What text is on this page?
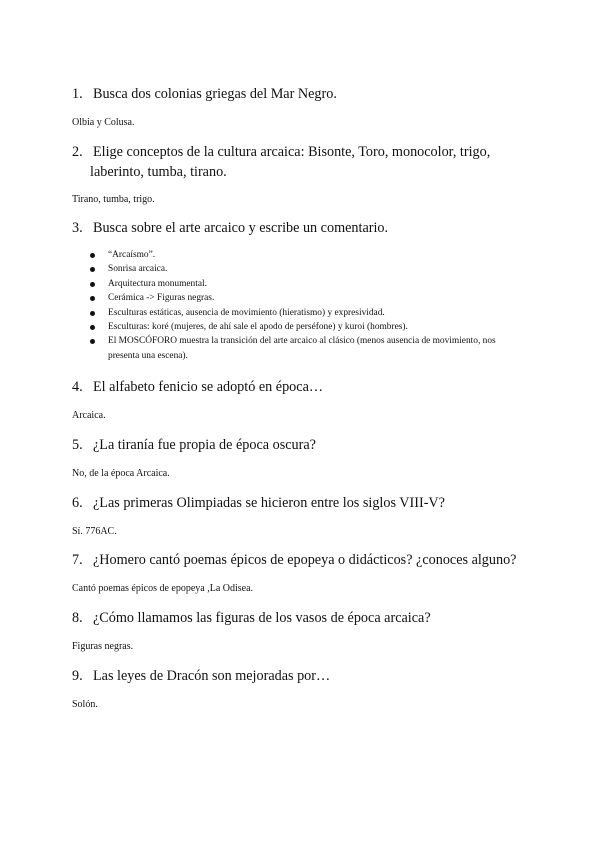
1. Busca dos colonias griegas del Mar Negro.
Olbia y Colusa.
2. Elige conceptos de la cultura arcaica: Bisonte, Toro, monocolor, trigo,
laberinto, tumba, tirano.
Tirano, tumba, trigo.
3. Busca sobre el arte arcaico y escribe un comentario.
“Arcaísmo”.
Sonrisa arcaica.
Arquitectura monumental.
Cerámica -> Figuras negras.
Esculturas estáticas, ausencia de movimiento (hieratismo) y expresividad.
Esculturas: koré (mujeres, de ahí sale el apodo de perséfone) y kuroi (hombres).
El MOSCÓFORO muestra la transición del arte arcaico al clásico (menos ausencia de movimiento, nos presenta una escena).
4. El alfabeto fenicio se adoptó en época…
Arcaica.
5. ¿La tiranía fue propia de época oscura?
No, de la época Arcaica.
6. ¿Las primeras Olimpiadas se hicieron entre los siglos VIII-V?
Sí. 776AC.
7. ¿Homero cantó poemas épicos de epopeya o didácticos? ¿conoces alguno?
Cantó poemas épicos de epopeya ,La Odisea.
8. ¿Cómo llamamos las figuras de los vasos de época arcaica?
Figuras negras.
9. Las leyes de Dracón son mejoradas por…
Solón.
